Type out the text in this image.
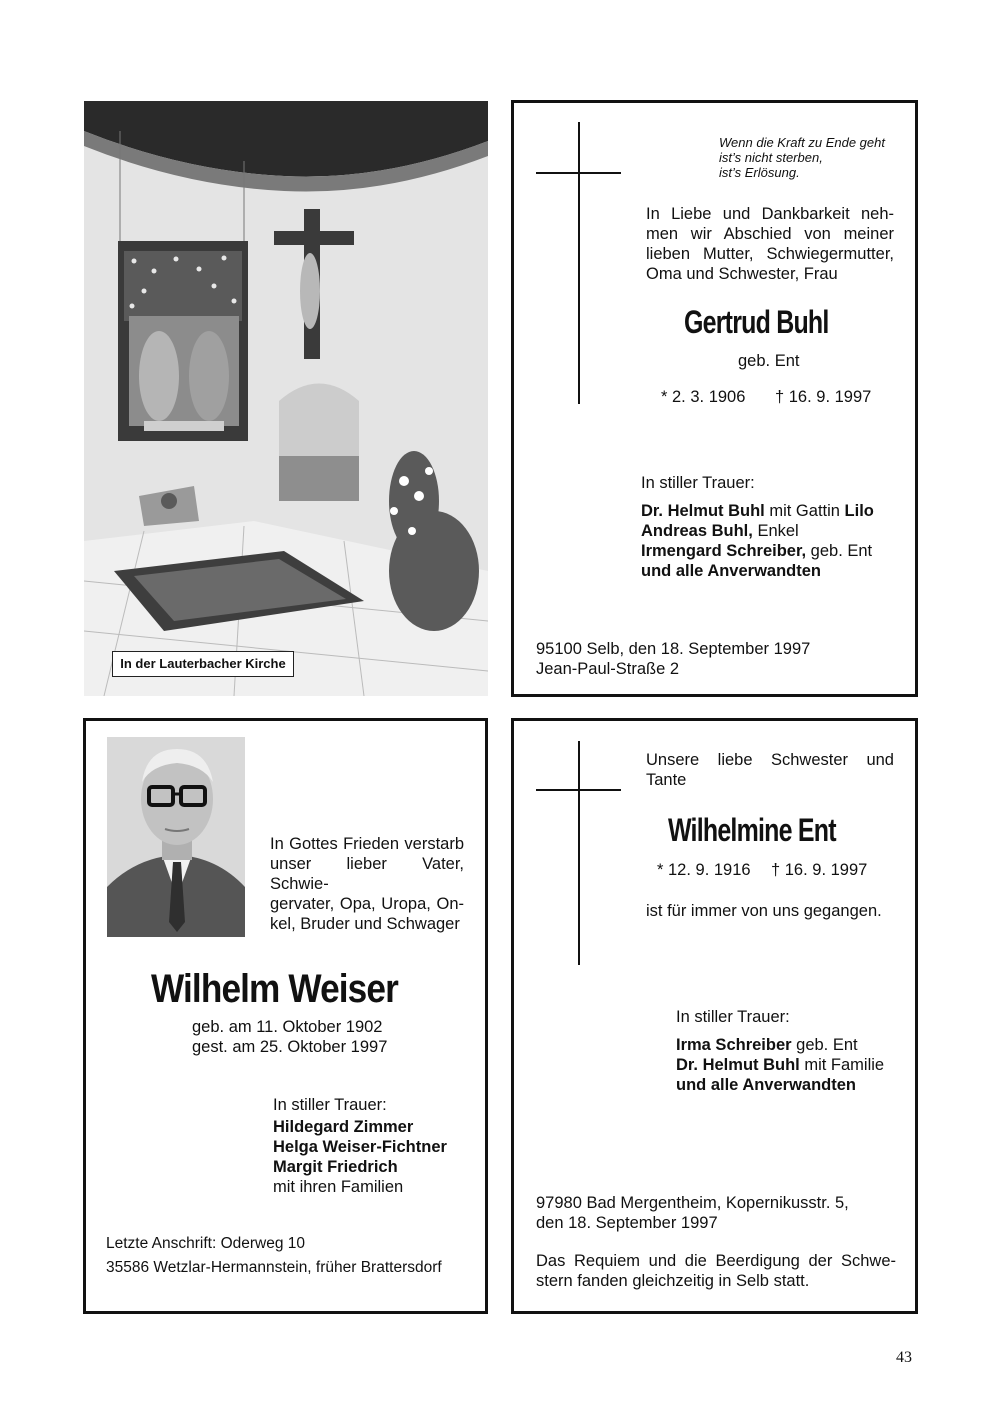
In der Lauterbacher Kirche
Wenn die Kraft zu Ende geht
ist’s nicht sterben,
ist’s Erlösung.
In Liebe und Dankbarkeit neh-
men wir Abschied von meiner
lieben Mutter, Schwiegermutter,
Oma und Schwester, Frau
Gertrud Buhl
geb. Ent
* 2. 3. 1906 † 16. 9. 1997
In stiller Trauer:
Dr. Helmut Buhl mit Gattin Lilo
Andreas Buhl, Enkel
Irmengard Schreiber, geb. Ent
und alle Anverwandten
95100 Selb, den 18. September 1997
Jean-Paul-Straße 2
In Gottes Frieden verstarb
unser lieber Vater, Schwie-
gervater, Opa, Uropa, On-
kel, Bruder und Schwager
Wilhelm Weiser
geb. am 11. Oktober 1902
gest. am 25. Oktober 1997
In stiller Trauer:
Hildegard Zimmer
Helga Weiser-Fichtner
Margit Friedrich
mit ihren Familien
Letzte Anschrift: Oderweg 10
35586 Wetzlar-Hermannstein, früher Brattersdorf
Unsere liebe Schwester und
Tante
Wilhelmine Ent
* 12. 9. 1916 † 16. 9. 1997
ist für immer von uns gegangen.
In stiller Trauer:
Irma Schreiber geb. Ent
Dr. Helmut Buhl mit Familie
und alle Anverwandten
97980 Bad Mergentheim, Kopernikusstr. 5,
den 18. September 1997
Das Requiem und die Beerdigung der Schwe-
stern fanden gleichzeitig in Selb statt.
43
